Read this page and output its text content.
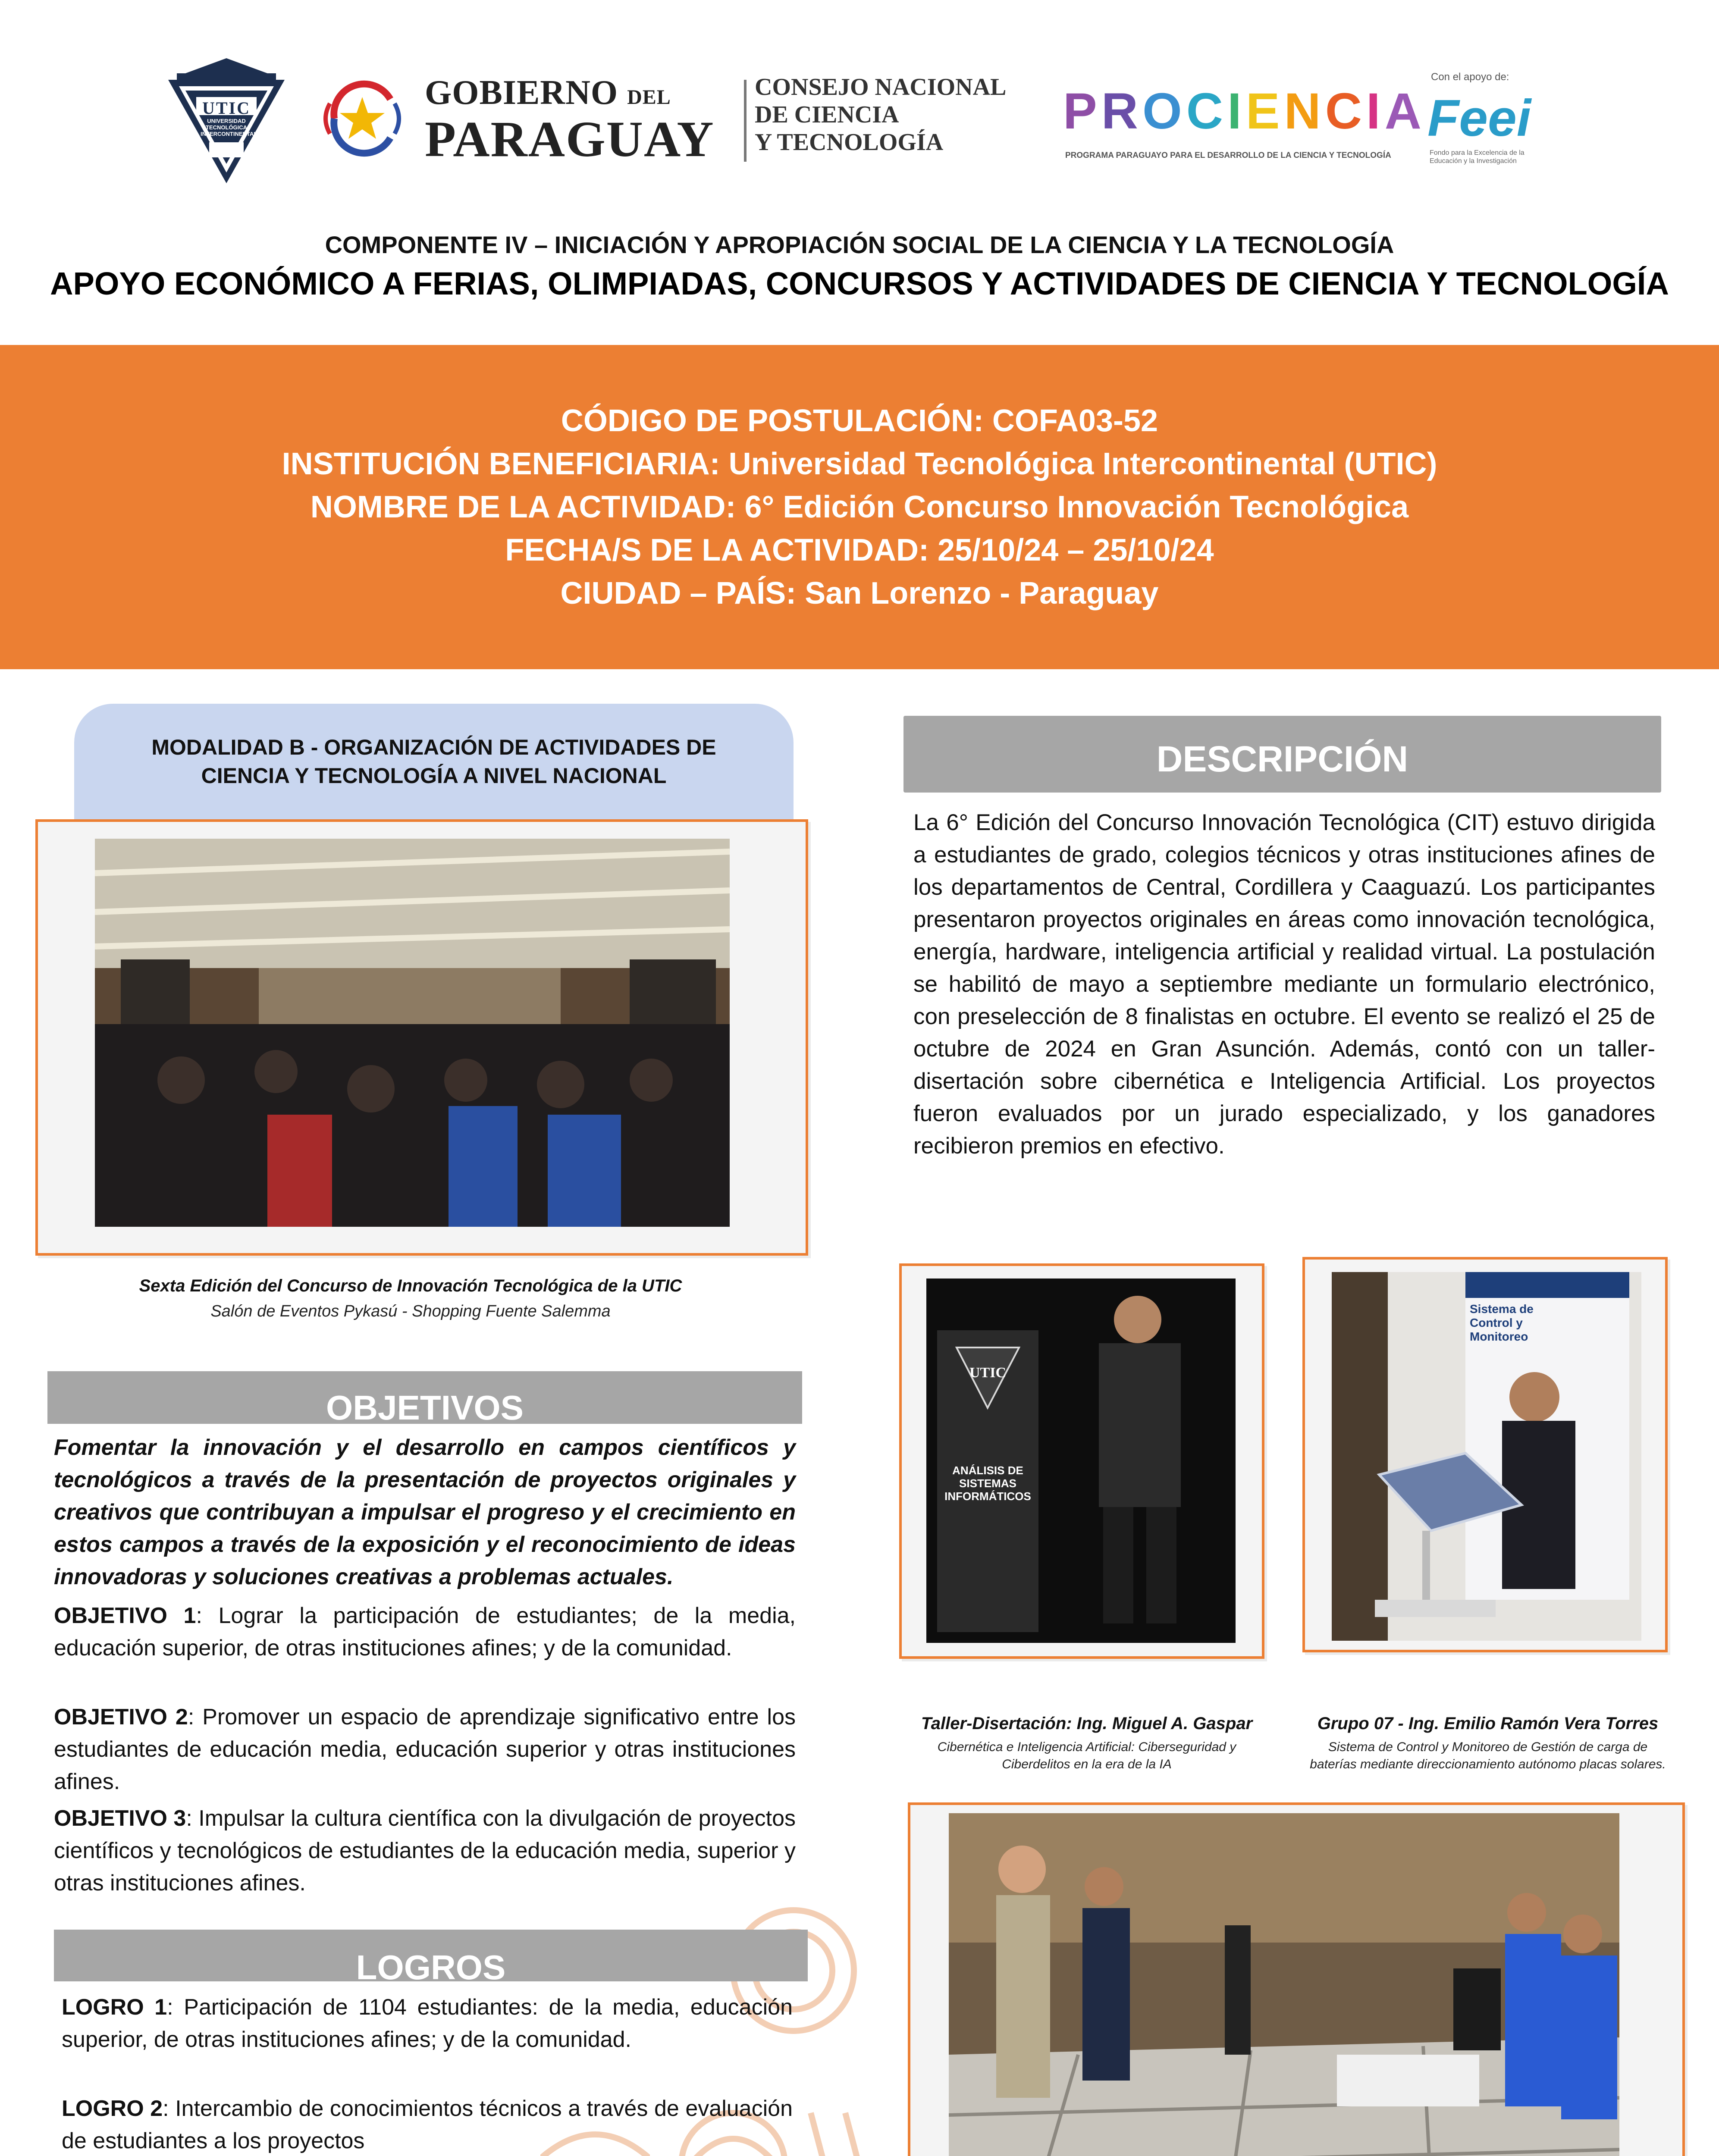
UTIC
UNIVERSIDAD TECNOLÓGICA INTERCONTINENTAL
GOBIERNO DEL
PARAGUAY
CONSEJO NACIONAL
DE CIENCIA
Y TECNOLOGÍA
PROCIENCIA
PROGRAMA PARAGUAYO PARA EL DESARROLLO DE LA CIENCIA Y TECNOLOGÍA
Con el apoyo de:
Feei
Fondo para la Excelencia de la Educación y la Investigación
COMPONENTE IV – INICIACIÓN Y APROPIACIÓN SOCIAL DE LA CIENCIA Y LA TECNOLOGÍA
APOYO ECONÓMICO A FERIAS, OLIMPIADAS, CONCURSOS Y ACTIVIDADES DE CIENCIA Y TECNOLOGÍA
CÓDIGO DE POSTULACIÓN: COFA03-52
INSTITUCIÓN BENEFICIARIA: Universidad Tecnológica Intercontinental (UTIC)
NOMBRE DE LA ACTIVIDAD: 6° Edición Concurso Innovación Tecnológica
FECHA/S DE LA ACTIVIDAD: 25/10/24 – 25/10/24
CIUDAD – PAÍS: San Lorenzo - Paraguay
MODALIDAD B - ORGANIZACIÓN DE ACTIVIDADES DE
CIENCIA Y TECNOLOGÍA A NIVEL NACIONAL
Sexta Edición del Concurso de Innovación Tecnológica de la UTIC
Salón de Eventos Pykasú - Shopping Fuente Salemma
OBJETIVOS
Fomentar la innovación y el desarrollo en campos científicos y tecnológicos a través de la presentación de proyectos originales y creativos que contribuyan a impulsar el progreso y el crecimiento en estos campos a través de la exposición y el reconocimiento de ideas innovadoras y soluciones creativas a problemas actuales.
OBJETIVO 1: Lograr la participación de estudiantes; de la media, educación superior, de otras instituciones afines; y de la comunidad.
OBJETIVO 2: Promover un espacio de aprendizaje significativo entre los estudiantes de educación media, educación superior y otras instituciones afines.
OBJETIVO 3: Impulsar la cultura científica con la divulgación de proyectos científicos y tecnológicos de estudiantes de la educación media, superior y otras instituciones afines.
LOGROS
LOGRO 1: Participación de 1104 estudiantes: de la media, educación superior, de otras instituciones afines; y de la comunidad.
LOGRO 2: Intercambio de conocimientos técnicos a través de evaluación de estudiantes a los proyectos
DESCRIPCIÓN
La 6° Edición del Concurso Innovación Tecnológica (CIT) estuvo dirigida a estudiantes de grado, colegios técnicos y otras instituciones afines de los departamentos de Central, Cordillera y Caaguazú. Los participantes presentaron proyectos originales en áreas como innovación tecnológica, energía, hardware, inteligencia artificial y realidad virtual. La postulación se habilitó de mayo a septiembre mediante un formulario electrónico, con preselección de 8 finalistas en octubre. El evento se realizó el 25 de octubre de 2024 en Gran Asunción. Además, contó con un taller-disertación sobre cibernética e Inteligencia Artificial. Los proyectos fueron evaluados por un jurado especializado, y los ganadores recibieron premios en efectivo.
UTIC
ANÁLISIS DE SISTEMAS INFORMÁTICOS
Taller-Disertación: Ing. Miguel A. Gaspar
Cibernética e Inteligencia Artificial: Ciberseguridad y
Ciberdelitos en la era de la IA
Sistema de Control y Monitoreo
Grupo 07 - Ing. Emilio Ramón Vera Torres
Sistema de Control y Monitoreo de Gestión de carga de
baterías mediante direccionamiento autónomo placas solares.
